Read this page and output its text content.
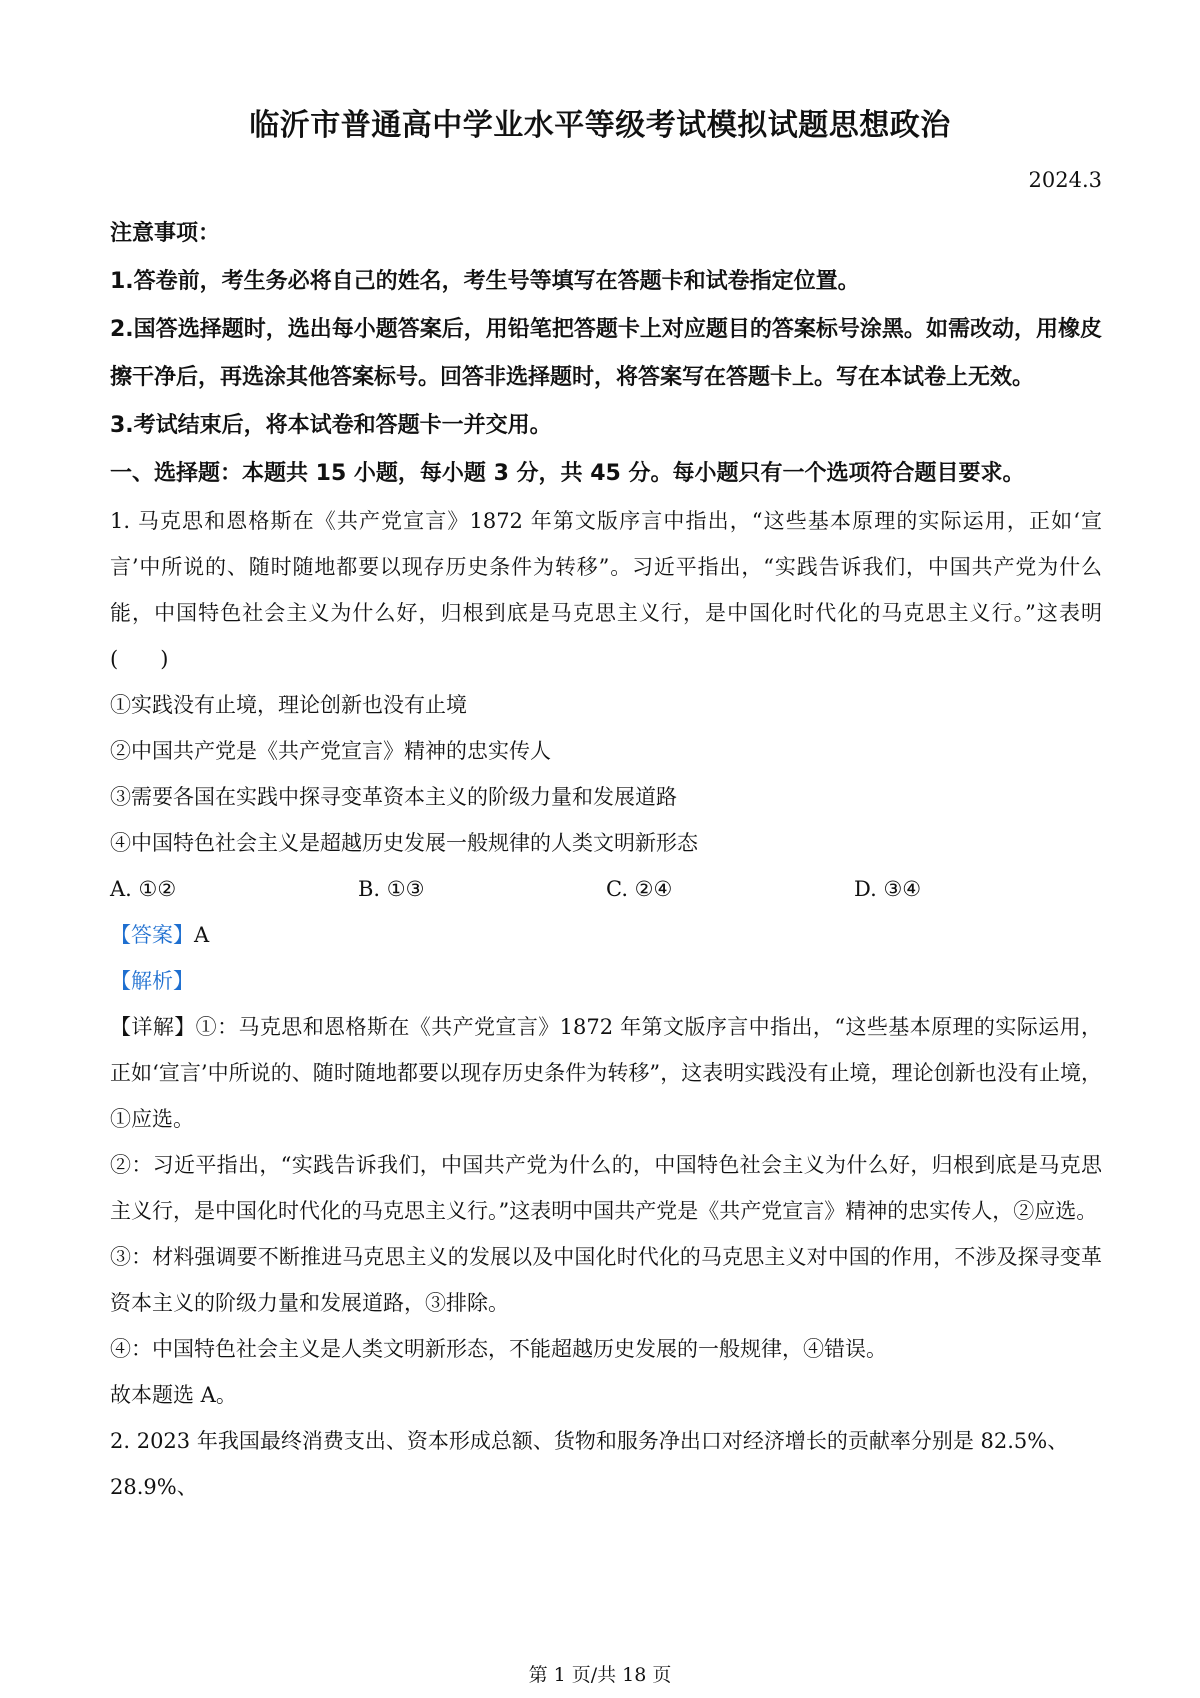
临沂市普通高中学业水平等级考试模拟试题思想政治
2024.3

注意事项：

1.答卷前，考生务必将自己的姓名，考生号等填写在答题卡和试卷指定位置。

2.国答选择题时，选出每小题答案后，用铅笔把答题卡上对应题目的答案标号涂黑。如需改动，用橡皮擦干净后，再选涂其他答案标号。回答非选择题时，将答案写在答题卡上。写在本试卷上无效。

3.考试结束后，将本试卷和答题卡一并交用。

一、选择题：本题共 15 小题，每小题 3 分，共 45 分。每小题只有一个选项符合题目要求。

1. 马克思和恩格斯在《共产党宣言》1872 年第文版序言中指出，“这些基本原理的实际运用，正如‘宣言’中所说的、随时随地都要以现存历史条件为转移”。习近平指出，“实践告诉我们，中国共产党为什么能，中国特色社会主义为什么好，归根到底是马克思主义行，是中国化时代化的马克思主义行。”这表明(　　)

①实践没有止境，理论创新也没有止境

②中国共产党是《共产党宣言》精神的忠实传人

③需要各国在实践中探寻变革资本主义的阶级力量和发展道路

④中国特色社会主义是超越历史发展一般规律的人类文明新形态

A. ①②	B. ①③	C. ②④	D. ③④

【答案】A

【解析】

【详解】①：马克思和恩格斯在《共产党宣言》1872 年第文版序言中指出，“这些基本原理的实际运用，正如‘宣言’中所说的、随时随地都要以现存历史条件为转移”，这表明实践没有止境，理论创新也没有止境，①应选。

②：习近平指出，“实践告诉我们，中国共产党为什么的，中国特色社会主义为什么好，归根到底是马克思主义行，是中国化时代化的马克思主义行。”这表明中国共产党是《共产党宣言》精神的忠实传人，②应选。

③：材料强调要不断推进马克思主义的发展以及中国化时代化的马克思主义对中国的作用，不涉及探寻变革资本主义的阶级力量和发展道路，③排除。

④：中国特色社会主义是人类文明新形态，不能超越历史发展的一般规律，④错误。

故本题选 A。

2. 2023 年我国最终消费支出、资本形成总额、货物和服务净出口对经济增长的贡献率分别是 82.5%、28.9%、

第 1 页/共 18 页
